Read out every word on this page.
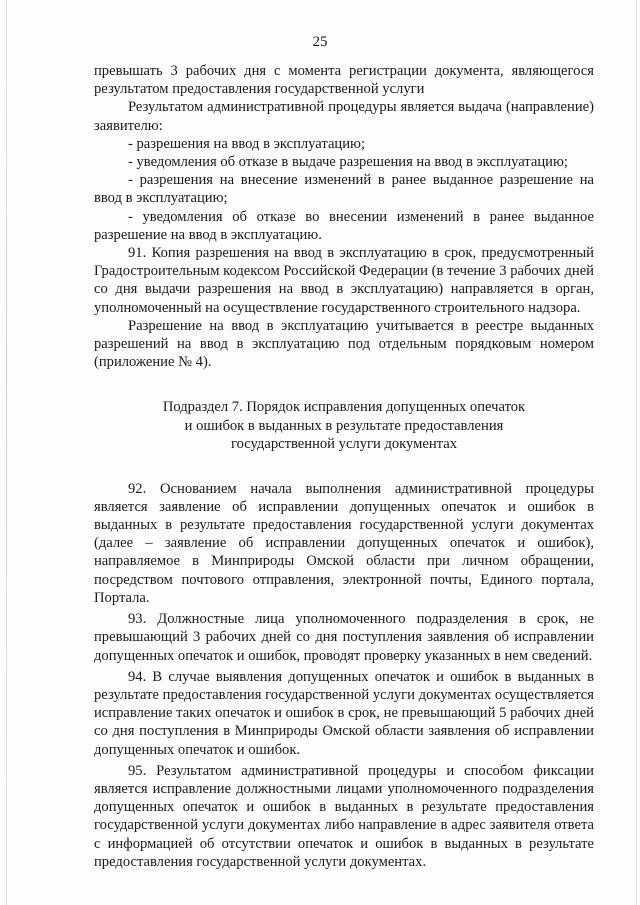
25

превышать 3 рабочих дня с момента регистрации документа, являющегося результатом предоставления государственной услуги

Результатом административной процедуры является выдача (направление) заявителю:

- разрешения на ввод в эксплуатацию;

- уведомления об отказе в выдаче разрешения на ввод в эксплуатацию;

- разрешения на внесение изменений в ранее выданное разрешение на ввод в эксплуатацию;

- уведомления об отказе во внесении изменений в ранее выданное разрешение на ввод в эксплуатацию.

91. Копия разрешения на ввод в эксплуатацию в срок, предусмотренный Градостроительным кодексом Российской Федерации (в течение 3 рабочих дней со дня выдачи разрешения на ввод в эксплуатацию) направляется в орган, уполномоченный на осуществление государственного строительного надзора.

Разрешение на ввод в эксплуатацию учитывается в реестре выданных разрешений на ввод в эксплуатацию под отдельным порядковым номером (приложение № 4).

Подраздел 7. Порядок исправления допущенных опечаток
и ошибок в выданных в результате предоставления
государственной услуги документах

92. Основанием начала выполнения административной процедуры является заявление об исправлении допущенных опечаток и ошибок в выданных в результате предоставления государственной услуги документах (далее – заявление об исправлении допущенных опечаток и ошибок), направляемое в Минприроды Омской области при личном обращении, посредством почтового отправления, электронной почты, Единого портала, Портала.

93. Должностные лица уполномоченного подразделения в срок, не превышающий 3 рабочих дней со дня поступления заявления об исправлении допущенных опечаток и ошибок, проводят проверку указанных в нем сведений.

94. В случае выявления допущенных опечаток и ошибок в выданных в результате предоставления государственной услуги документах осуществляется исправление таких опечаток и ошибок в срок, не превышающий 5 рабочих дней со дня поступления в Минприроды Омской области заявления об исправлении допущенных опечаток и ошибок.

95. Результатом административной процедуры и способом фиксации является исправление должностными лицами уполномоченного подразделения допущенных опечаток и ошибок в выданных в результате предоставления государственной услуги документах либо направление в адрес заявителя ответа с информацией об отсутствии опечаток и ошибок в выданных в результате предоставления государственной услуги документах.
